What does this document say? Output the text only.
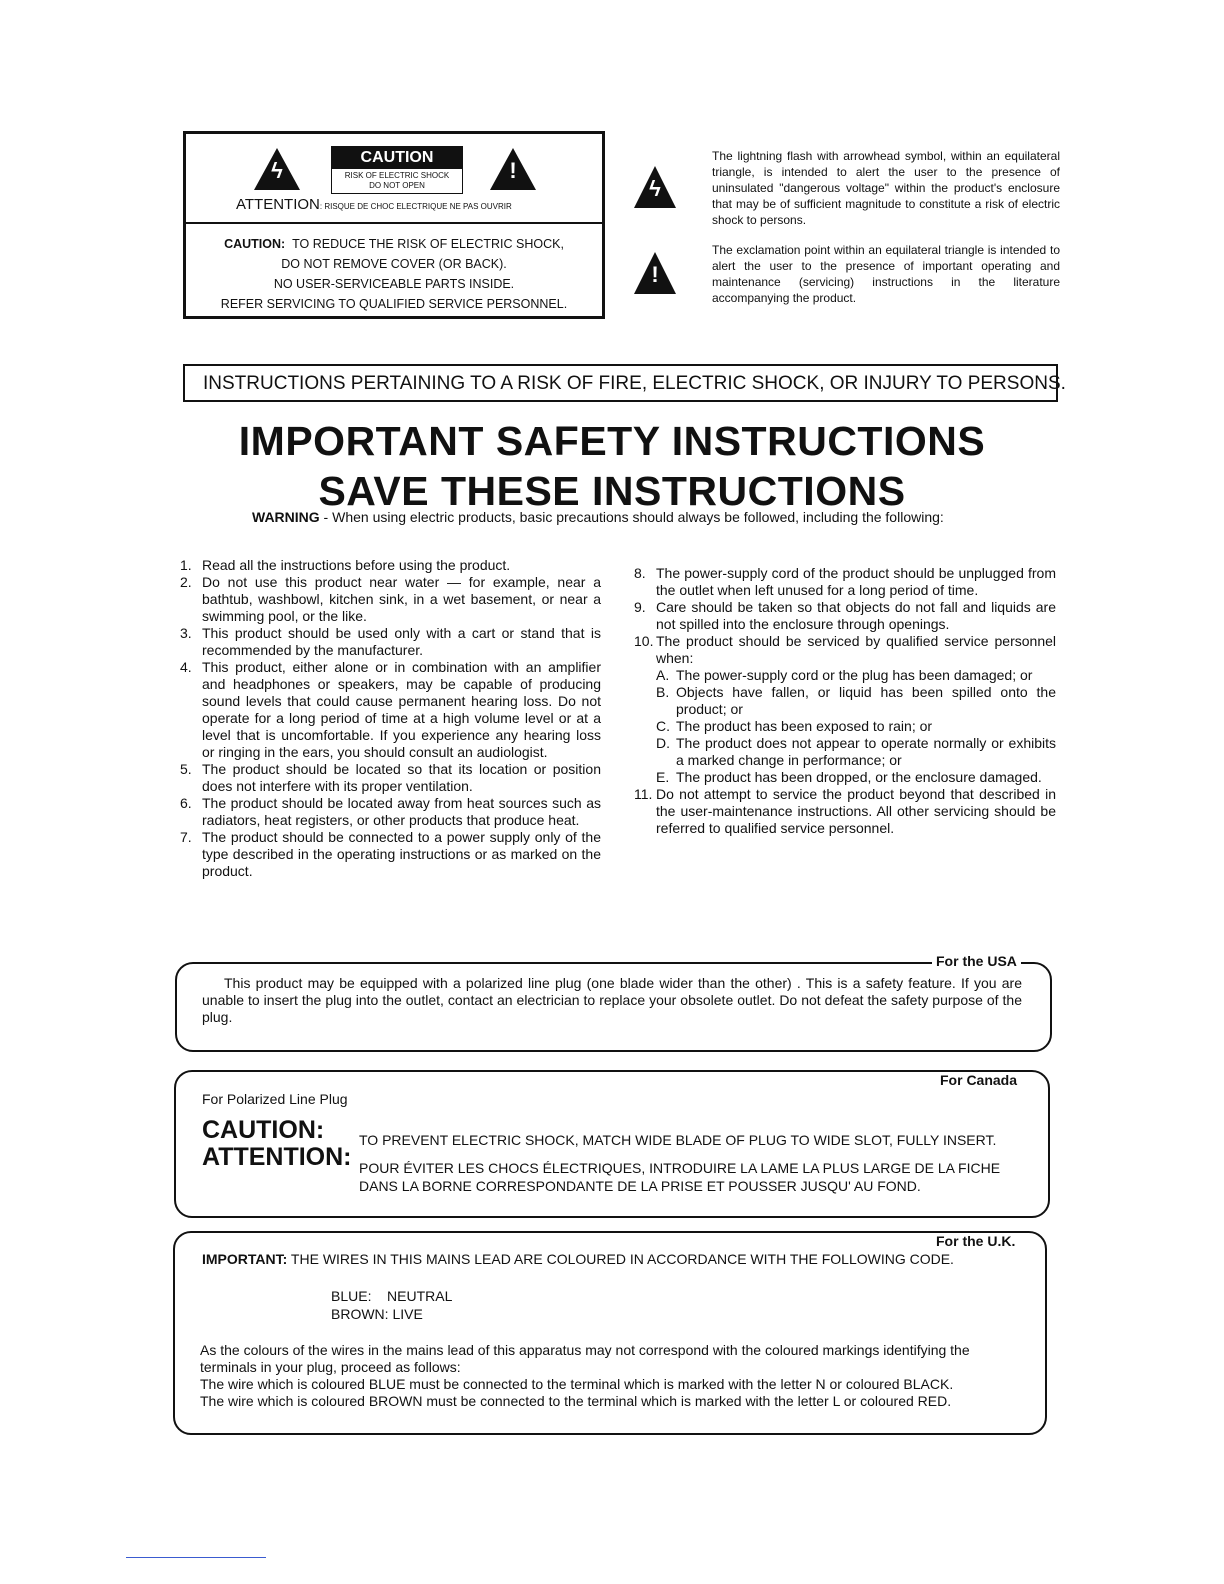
ϟ
CAUTION
RISK OF ELECTRIC SHOCK
DO NOT OPEN
!
ATTENTION: RISQUE DE CHOC ELECTRIQUE NE PAS OUVRIR
CAUTION: TO REDUCE THE RISK OF ELECTRIC SHOCK,
DO NOT REMOVE COVER (OR BACK).
NO USER-SERVICEABLE PARTS INSIDE.
REFER SERVICING TO QUALIFIED SERVICE PERSONNEL.
ϟ
The lightning flash with arrowhead symbol, within an equilateral triangle, is intended to alert the user to the presence of uninsulated "dangerous voltage" within the product's enclosure that may be of sufficient magnitude to constitute a risk of electric shock to persons.
!
The exclamation point within an equilateral triangle is intended to alert the user to the presence of important operating and maintenance (servicing) instructions in the literature accompanying the product.
INSTRUCTIONS PERTAINING TO A RISK OF FIRE, ELECTRIC SHOCK, OR INJURY TO PERSONS.
IMPORTANT SAFETY INSTRUCTIONS
SAVE THESE INSTRUCTIONS
WARNING - When using electric products, basic precautions should always be followed, including the following:
1. Read all the instructions before using the product.
2. Do not use this product near water — for example, near a bathtub, washbowl, kitchen sink, in a wet basement, or near a swimming pool, or the like.
3. This product should be used only with a cart or stand that is recommended by the manufacturer.
4. This product, either alone or in combination with an amplifier and headphones or speakers, may be capable of producing sound levels that could cause permanent hearing loss. Do not operate for a long period of time at a high volume level or at a level that is uncomfortable. If you experience any hearing loss or ringing in the ears, you should consult an audiologist.
5. The product should be located so that its location or position does not interfere with its proper ventilation.
6. The product should be located away from heat sources such as radiators, heat registers, or other products that produce heat.
7. The product should be connected to a power supply only of the type described in the operating instructions or as marked on the product.
8. The power-supply cord of the product should be unplugged from the outlet when left unused for a long period of time.
9. Care should be taken so that objects do not fall and liquids are not spilled into the enclosure through openings.
10. The product should be serviced by qualified service personnel when:
A. The power-supply cord or the plug has been damaged; or
B. Objects have fallen, or liquid has been spilled onto the product; or
C. The product has been exposed to rain; or
D. The product does not appear to operate normally or exhibits a marked change in performance; or
E. The product has been dropped, or the enclosure damaged.
11. Do not attempt to service the product beyond that described in the user-maintenance instructions. All other servicing should be referred to qualified service personnel.
For the USA
This product may be equipped with a polarized line plug (one blade wider than the other) . This is a safety feature. If you are unable to insert the plug into the outlet, contact an electrician to replace your obsolete outlet. Do not defeat the safety purpose of the plug.
For Canada
For Polarized Line Plug
CAUTION: TO PREVENT ELECTRIC SHOCK, MATCH WIDE BLADE OF PLUG TO WIDE SLOT, FULLY INSERT.
ATTENTION: POUR ÉVITER LES CHOCS ÉLECTRIQUES, INTRODUIRE LA LAME LA PLUS LARGE DE LA FICHE
DANS LA BORNE CORRESPONDANTE DE LA PRISE ET POUSSER JUSQU' AU FOND.
For the U.K.
IMPORTANT: THE WIRES IN THIS MAINS LEAD ARE COLOURED IN ACCORDANCE WITH THE FOLLOWING CODE.
BLUE:    NEUTRAL
BROWN: LIVE
As the colours of the wires in the mains lead of this apparatus may not correspond with the coloured markings identifying the terminals in your plug, proceed as follows:
The wire which is coloured BLUE must be connected to the terminal which is marked with the letter N or coloured BLACK.
The wire which is coloured BROWN must be connected to the terminal which is marked with the letter L or coloured RED.
